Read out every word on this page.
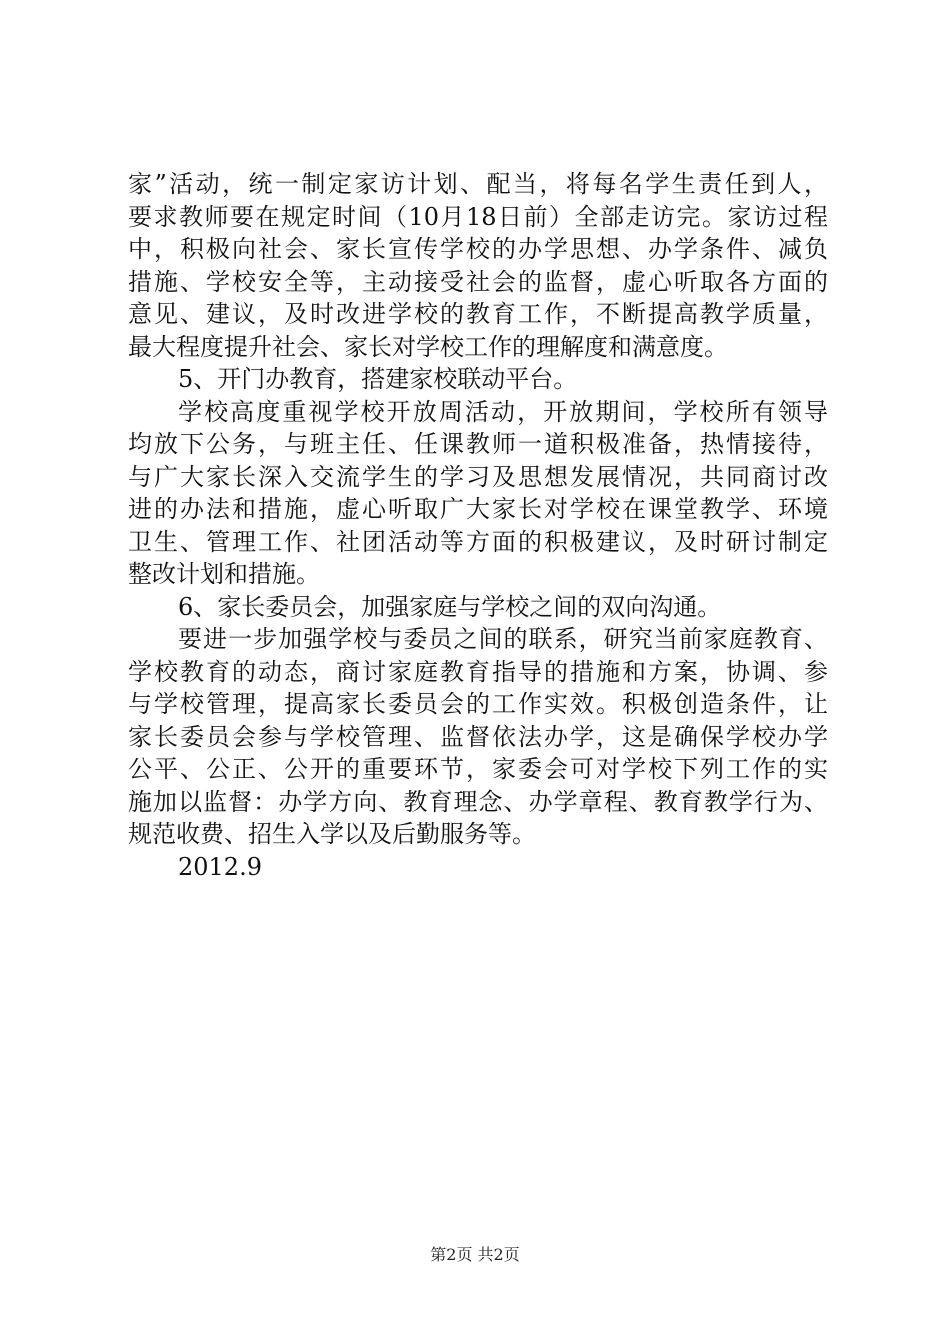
家”活动，统一制定家访计划、配当，将每名学生责任到人，
要求教师要在规定时间（10月18日前）全部走访完。家访过程
中，积极向社会、家长宣传学校的办学思想、办学条件、减负
措施、学校安全等，主动接受社会的监督，虚心听取各方面的
意见、建议，及时改进学校的教育工作，不断提高教学质量，
最大程度提升社会、家长对学校工作的理解度和满意度。
5、开门办教育，搭建家校联动平台。
学校高度重视学校开放周活动，开放期间，学校所有领导
均放下公务，与班主任、任课教师一道积极准备，热情接待，
与广大家长深入交流学生的学习及思想发展情况，共同商讨改
进的办法和措施，虚心听取广大家长对学校在课堂教学、环境
卫生、管理工作、社团活动等方面的积极建议，及时研讨制定
整改计划和措施。
6、家长委员会，加强家庭与学校之间的双向沟通。
要进一步加强学校与委员之间的联系，研究当前家庭教育、
学校教育的动态，商讨家庭教育指导的措施和方案，协调、参
与学校管理，提高家长委员会的工作实效。积极创造条件，让
家长委员会参与学校管理、监督依法办学，这是确保学校办学
公平、公正、公开的重要环节，家委会可对学校下列工作的实
施加以监督：办学方向、教育理念、办学章程、教育教学行为、
规范收费、招生入学以及后勤服务等。
2012.9
第2页 共2页
